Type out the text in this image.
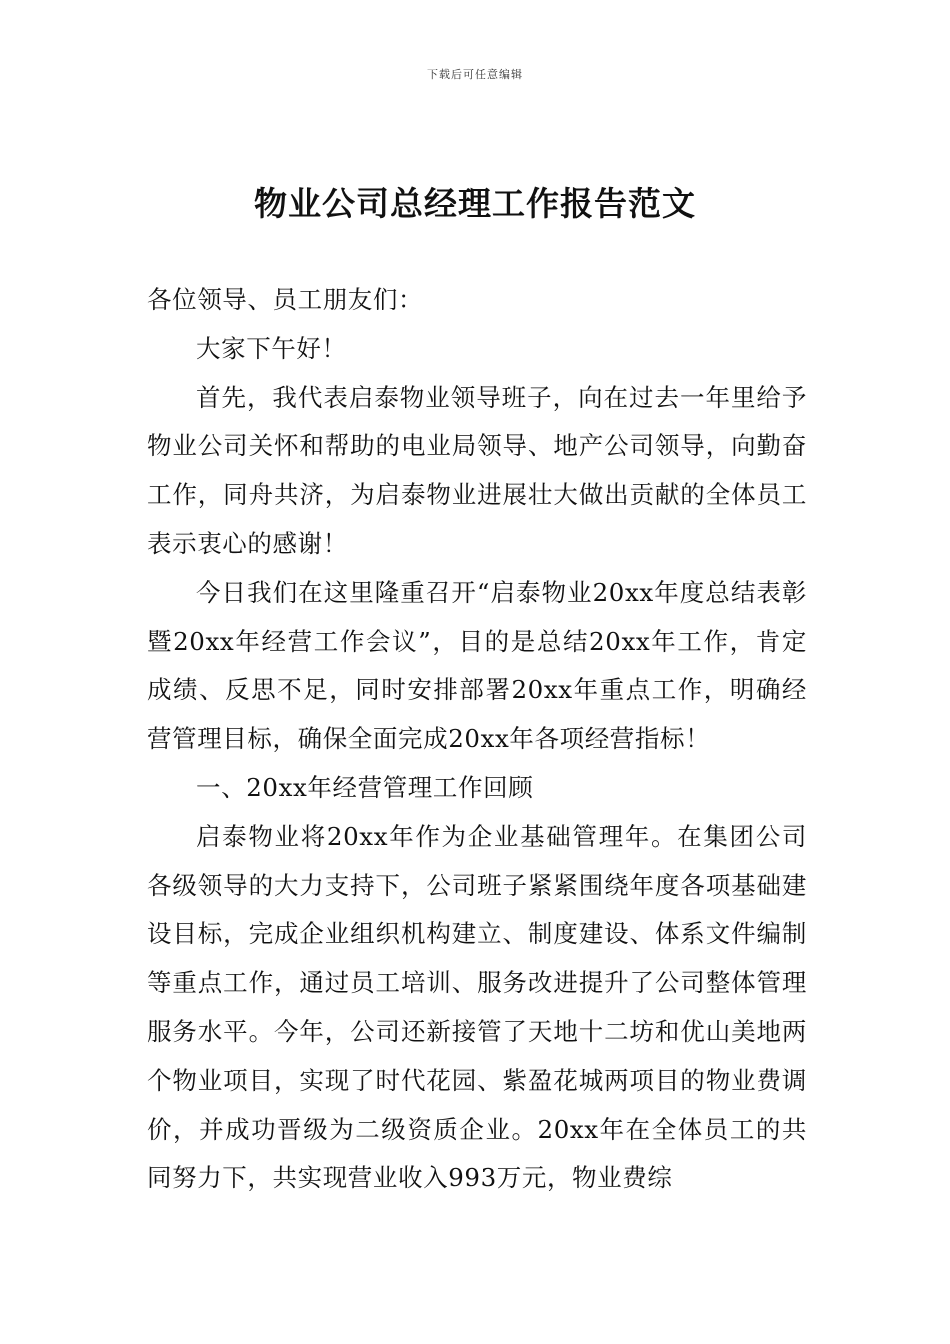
下载后可任意编辑
物业公司总经理工作报告范文

各位领导、员工朋友们：

大家下午好！

首先，我代表启泰物业领导班子，向在过去一年里给予物业公司关怀和帮助的电业局领导、地产公司领导，向勤奋工作，同舟共济，为启泰物业进展壮大做出贡献的全体员工表示衷心的感谢！

今日我们在这里隆重召开“启泰物业20xx年度总结表彰暨20xx年经营工作会议”，目的是总结20xx年工作，肯定成绩、反思不足，同时安排部署20xx年重点工作，明确经营管理目标，确保全面完成20xx年各项经营指标！

一、20xx年经营管理工作回顾

启泰物业将20xx年作为企业基础管理年。在集团公司各级领导的大力支持下，公司班子紧紧围绕年度各项基础建设目标，完成企业组织机构建立、制度建设、体系文件编制等重点工作，通过员工培训、服务改进提升了公司整体管理服务水平。今年，公司还新接管了天地十二坊和优山美地两个物业项目，实现了时代花园、紫盈花城两项目的物业费调价，并成功晋级为二级资质企业。20xx年在全体员工的共同努力下，共实现营业收入993万元，物业费综
